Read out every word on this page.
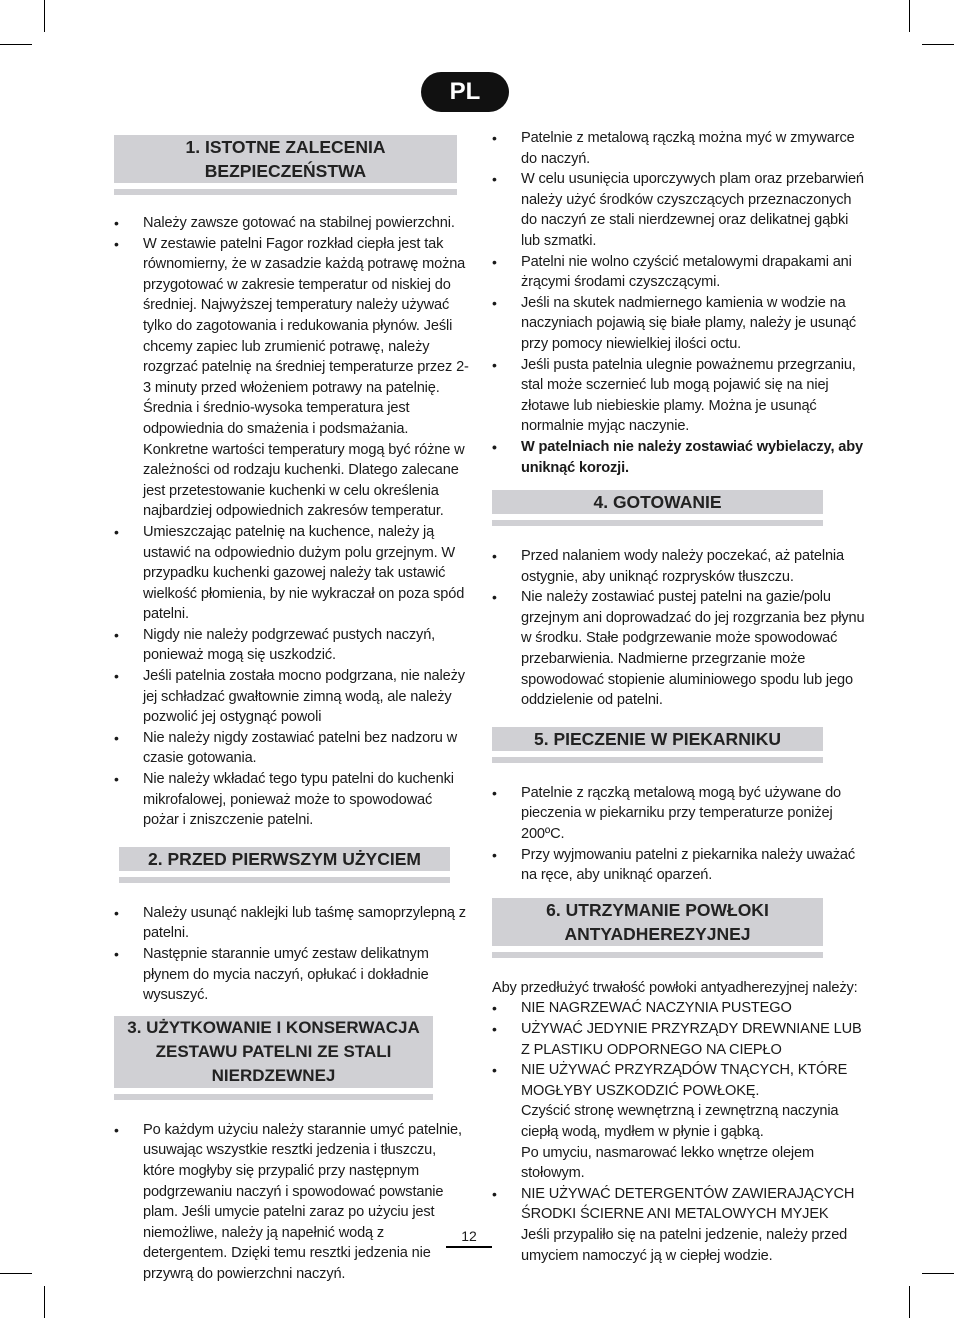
PL
1. ISTOTNE ZALECENIA
BEZPIECZEŃSTWA
• Należy zawsze gotować na stabilnej powierzchni.
• W zestawie patelni Fagor rozkład ciepła jest tak równomierny, że w zasadzie każdą potrawę można przygotować w zakresie temperatur od niskiej do średniej. Najwyższej temperatury należy używać tylko do zagotowania i redukowania płynów. Jeśli chcemy zapiec lub zrumienić potrawę, należy rozgrzać patelnię na średniej temperaturze przez 2-3 minuty przed włożeniem potrawy na patelnię. Średnia i średnio-wysoka temperatura jest odpowiednia do smażenia i podsmażania. Konkretne wartości temperatury mogą być różne w zależności od rodzaju kuchenki. Dlatego zalecane jest przetestowanie kuchenki w celu określenia najbardziej odpowiednich zakresów temperatur.
• Umieszczając patelnię na kuchence, należy ją ustawić na odpowiednio dużym polu grzejnym. W przypadku kuchenki gazowej należy tak ustawić wielkość płomienia, by nie wykraczał on poza spód patelni.
• Nigdy nie należy podgrzewać pustych naczyń, ponieważ mogą się uszkodzić.
• Jeśli patelnia została mocno podgrzana, nie należy jej schładzać gwałtownie zimną wodą, ale należy pozwolić jej ostygnąć powoli
• Nie należy nigdy zostawiać patelni bez nadzoru w czasie gotowania.
• Nie należy wkładać tego typu patelni do kuchenki mikrofalowej, ponieważ może to spowodować pożar i zniszczenie patelni.
2. PRZED PIERWSZYM UŻYCIEM
• Należy usunąć naklejki lub taśmę samoprzylepną z patelni.
• Następnie starannie umyć zestaw delikatnym płynem do mycia naczyń, opłukać i dokładnie wysuszyć.
3. UŻYTKOWANIE I KONSERWACJA
ZESTAWU PATELNI ZE STALI NIERDZEWNEJ
• Po każdym użyciu należy starannie umyć patelnie, usuwając wszystkie resztki jedzenia i tłuszczu, które mogłyby się przypalić przy następnym podgrzewaniu naczyń i spowodować powstanie plam. Jeśli umycie patelni zaraz po użyciu jest niemożliwe, należy ją napełnić wodą z detergentem. Dzięki temu resztki jedzenia nie przywrą do powierzchni naczyń.
• Patelnie z metalową rączką można myć w zmywarce do naczyń.
• W celu usunięcia uporczywych plam oraz przebarwień należy użyć środków czyszczących przeznaczonych do naczyń ze stali nierdzewnej oraz delikatnej gąbki lub szmatki.
• Patelni nie wolno czyścić metalowymi drapakami ani żrącymi środami czyszczącymi.
• Jeśli na skutek nadmiernego kamienia w wodzie na naczyniach pojawią się białe plamy, należy je usunąć przy pomocy niewielkiej ilości octu.
• Jeśli pusta patelnia ulegnie poważnemu przegrzaniu, stal może sczernieć lub mogą pojawić się na niej złotawe lub niebieskie plamy. Można je usunąć normalnie myjąc naczynie.
• W patelniach nie należy zostawiać wybielaczy, aby uniknąć korozji.
4. GOTOWANIE
• Przed nalaniem wody należy poczekać, aż patelnia ostygnie, aby uniknąć rozprysków tłuszczu.
• Nie należy zostawiać pustej patelni na gazie/polu grzejnym ani doprowadzać do jej rozgrzania bez płynu w środku. Stałe podgrzewanie może spowodować przebarwienia. Nadmierne przegrzanie może spowodować stopienie aluminiowego spodu lub jego oddzielenie od patelni.
5. PIECZENIE W PIEKARNIKU
• Patelnie z rączką metalową mogą być używane do pieczenia w piekarniku przy temperaturze poniżej 200ºC.
• Przy wyjmowaniu patelni z piekarnika należy uważać na ręce, aby uniknąć oparzeń.
6. UTRZYMANIE POWŁOKI
ANTYADHEREZYJNEJ
Aby przedłużyć trwałość powłoki antyadherezyjnej należy:
• NIE NAGRZEWAĆ NACZYNIA PUSTEGO
• UŻYWAĆ JEDYNIE PRZYRZĄDY DREWNIANE LUB Z PLASTIKU ODPORNEGO NA CIEPŁO

• NIE UŻYWAĆ PRZYRZĄDÓW TNĄCYCH, KTÓRE MOGŁYBY USZKODZIĆ POWŁOKĘ.

Czyścić stronę wewnętrzną i zewnętrzną naczynia ciepłą wodą, mydłem w płynie i gąbką.

Po umyciu, nasmarować lekko wnętrze olejem stołowym.

• NIE UŻYWAĆ DETERGENTÓW ZAWIERAJĄCYCH ŚRODKI ŚCIERNE ANI METALOWYCH MYJEK

Jeśli przypaliło się na patelni jedzenie, należy przed umyciem namoczyć ją w ciepłej wodzie.

12
